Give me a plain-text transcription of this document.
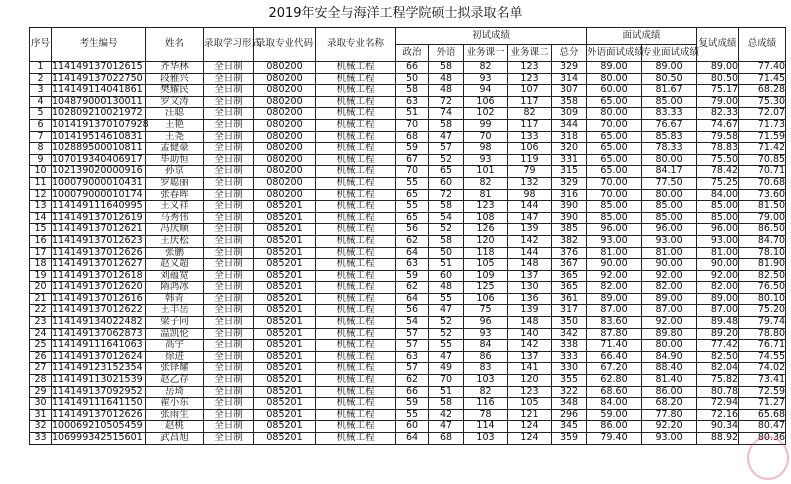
2019年安全与海洋工程学院硕士拟录取名单
序号	考生编号	姓名	录取学习形式	录取专业代码	录取专业名称	初试成绩					面试成绩		复试成绩	总成绩
						政治	外语	业务课一	业务课二	总分	外语面试成绩	专业面试成绩		
1	114149137012615	齐华林	全日制	080200	机械工程	66	58	82	123	329	89.00	89.00	89.00	77.40
2	114149137022750	段雅兴	全日制	080200	机械工程	50	48	93	123	314	80.00	80.50	80.50	71.45
3	114149114041861	樊耀民	全日制	080200	机械工程	58	48	94	107	307	60.00	81.67	75.17	68.28
4	104879000130011	罗文涛	全日制	080200	机械工程	63	72	106	117	358	65.00	85.00	79.00	75.30
5	102809210021972	汪聪	全日制	080200	机械工程	51	74	102	82	309	80.00	83.33	82.33	72.07
6	101419137010792​8	王艳	全日制	080200	机械工程	70	58	99	117	344	70.00	76.67	74.67	71.73
7	101419514610831	王尧	全日制	080200	机械工程	68	47	70	133	318	65.00	85.83	79.58	71.59
8	102889500010811	孟健豪	全日制	080200	机械工程	59	57	98	106	320	65.00	78.33	78.83	71.42
9	107019340406917	毕助恒	全日制	080200	机械工程	67	52	93	119	331	65.00	80.00	75.50	70.85
10	102139020000916	孙京	全日制	080200	机械工程	70	65	101	79	315	65.00	84.17	78.42	70.71
11	100079000010431	罗聪丽	全日制	080200	机械工程	55	60	82	132	329	70.00	77.50	75.25	70.68
12	100079000010174	张春晖	全日制	080200	机械工程	65	72	81	98	316	70.00	80.00	84.00	73.60
13	114149111640995	王义祥	全日制	085201	机械工程	55	58	123	144	390	85.00	85.00	85.00	81.50
14	114149137012619	马秀伟	全日制	085201	机械工程	65	54	108	147	390	85.00	85.00	85.00	79.00
15	114149137012621	冯庆顺	全日制	085201	机械工程	56	52	126	139	385	96.00	96.00	96.00	86.50
16	114149137012623	王庆松	全日制	085201	机械工程	62	58	120	142	382	93.00	93.00	93.00	84.70
17	114149137012626	张鹏	全日制	085201	机械工程	64	50	118	144	376	81.00	81.00	81.00	78.10
18	114149137012627	赵义超	全日制	085201	机械工程	63	51	105	148	367	90.00	90.00	90.00	81.90
19	114149137012618	刘蕴宽	全日制	085201	机械工程	59	60	109	137	365	92.00	92.00	92.00	82.50
20	114149137012620	隋鸿冰	全日制	085201	机械工程	62	48	125	130	365	82.00	82.00	82.00	76.50
21	114149137012616	韩青	全日制	085201	机械工程	64	55	106	136	361	89.00	89.00	89.00	80.10
22	114149137012622	王丰岳	全日制	085201	机械工程	56	47	75	139	317	87.00	87.00	87.00	75.20
23	114149134022482	梁子同	全日制	085201	机械工程	54	52	96	148	350	83.60	92.00	89.48	79.74
24	114149137062873	温凯伦	全日制	085201	机械工程	57	52	93	140	342	87.80	89.80	89.20	78.80
25	114149111641063	高宇	全日制	085201	机械工程	57	55	84	142	338	71.40	80.00	77.42	76.71
26	114149137012624	徐进	全日制	085201	机械工程	63	47	86	137	333	66.40	84.90	82.50	74.55
27	114149123152354	张铎耀	全日制	085201	机械工程	57	49	83	141	330	67.20	88.40	82.04	74.02
28	114149113021539	赵乙存	全日制	085201	机械工程	62	70	103	120	355	62.80	81.40	75.82	73.41
29	114149137092952	岳琦	全日制	085201	机械工程	66	51	82	123	322	68.60	86.00	80.78	72.59
30	114149111641150	翟小东	全日制	085201	机械工程	59	58	116	105	348	84.00	68.20	72.94	71.27
31	114149137012626	张雨生	全日制	085201	机械工程	55	42	78	121	296	59.00	77.80	72.16	65.68
32	100069210505459	赵桃	全日制	085201	机械工程	60	47	114	124	345	86.00	92.20	90.34	80.47
33	106999342515601	武昌旭	全日制	085201	机械工程	64	68	103	124	359	79.40	93.00	88.92	80.36
